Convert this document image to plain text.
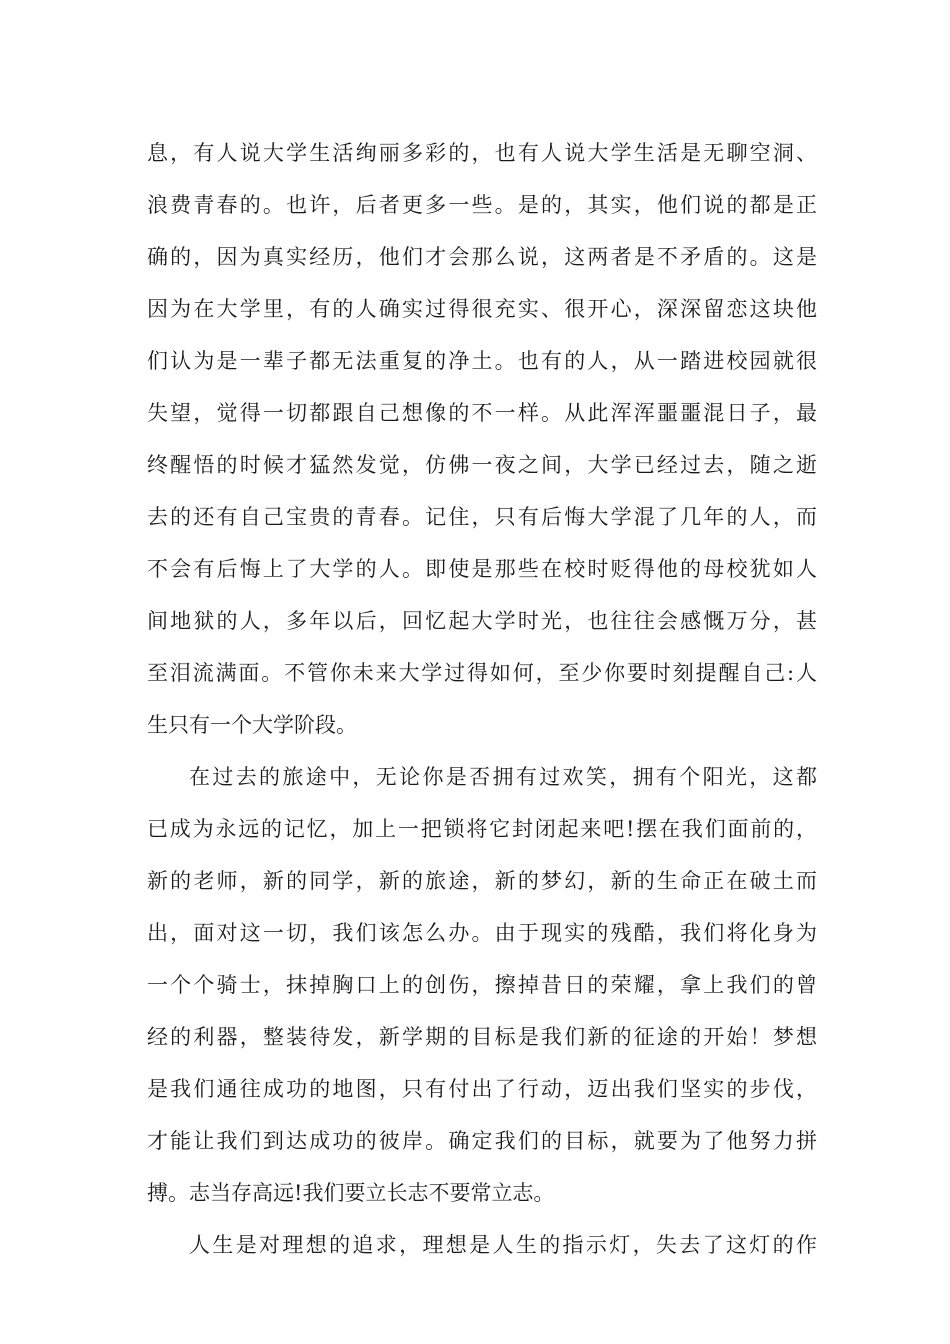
息，有人说大学生活绚丽多彩的，也有人说大学生活是无聊空洞、
浪费青春的。也许，后者更多一些。是的，其实，他们说的都是正
确的，因为真实经历，他们才会那么说，这两者是不矛盾的。这是
因为在大学里，有的人确实过得很充实、很开心，深深留恋这块他
们认为是一辈子都无法重复的净土。也有的人，从一踏进校园就很
失望，觉得一切都跟自己想像的不一样。从此浑浑噩噩混日子，最
终醒悟的时候才猛然发觉，仿佛一夜之间，大学已经过去，随之逝
去的还有自己宝贵的青春。记住，只有后悔大学混了几年的人，而
不会有后悔上了大学的人。即使是那些在校时贬得他的母校犹如人
间地狱的人，多年以后，回忆起大学时光，也往往会感慨万分，甚
至泪流满面。不管你未来大学过得如何，至少你要时刻提醒自己:人
生只有一个大学阶段。
在过去的旅途中，无论你是否拥有过欢笑，拥有个阳光，这都
已成为永远的记忆，加上一把锁将它封闭起来吧!摆在我们面前的，
新的老师，新的同学，新的旅途，新的梦幻，新的生命正在破土而
出，面对这一切，我们该怎么办。由于现实的残酷，我们将化身为
一个个骑士，抹掉胸口上的创伤，擦掉昔日的荣耀，拿上我们的曾
经的利器，整装待发，新学期的目标是我们新的征途的开始！梦想
是我们通往成功的地图，只有付出了行动，迈出我们坚实的步伐，
才能让我们到达成功的彼岸。确定我们的目标，就要为了他努力拼
搏。志当存高远!我们要立长志不要常立志。
人生是对理想的追求，理想是人生的指示灯，失去了这灯的作
